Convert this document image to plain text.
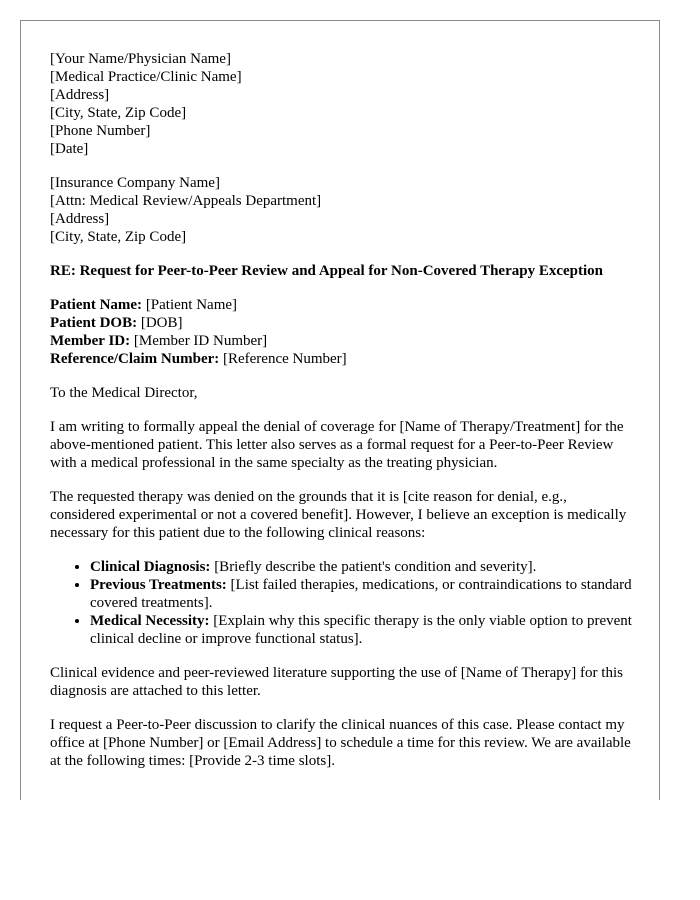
[Your Name/Physician Name]
[Medical Practice/Clinic Name]
[Address]
[City, State, Zip Code]
[Phone Number]
[Date]
[Insurance Company Name]
[Attn: Medical Review/Appeals Department]
[Address]
[City, State, Zip Code]
RE: Request for Peer-to-Peer Review and Appeal for Non-Covered Therapy Exception
Patient Name: [Patient Name]
Patient DOB: [DOB]
Member ID: [Member ID Number]
Reference/Claim Number: [Reference Number]

To the Medical Director,

I am writing to formally appeal the denial of coverage for [Name of Therapy/Treatment] for the above-mentioned patient. This letter also serves as a formal request for a Peer-to-Peer Review with a medical professional in the same specialty as the treating physician.

The requested therapy was denied on the grounds that it is [cite reason for denial, e.g., considered experimental or not a covered benefit]. However, I believe an exception is medically necessary for this patient due to the following clinical reasons:

• Clinical Diagnosis: [Briefly describe the patient's condition and severity].
• Previous Treatments: [List failed therapies, medications, or contraindications to standard covered treatments].
• Medical Necessity: [Explain why this specific therapy is the only viable option to prevent clinical decline or improve functional status].

Clinical evidence and peer-reviewed literature supporting the use of [Name of Therapy] for this diagnosis are attached to this letter.

I request a Peer-to-Peer discussion to clarify the clinical nuances of this case. Please contact my office at [Phone Number] or [Email Address] to schedule a time for this review. We are available at the following times: [Provide 2-3 time slots].
